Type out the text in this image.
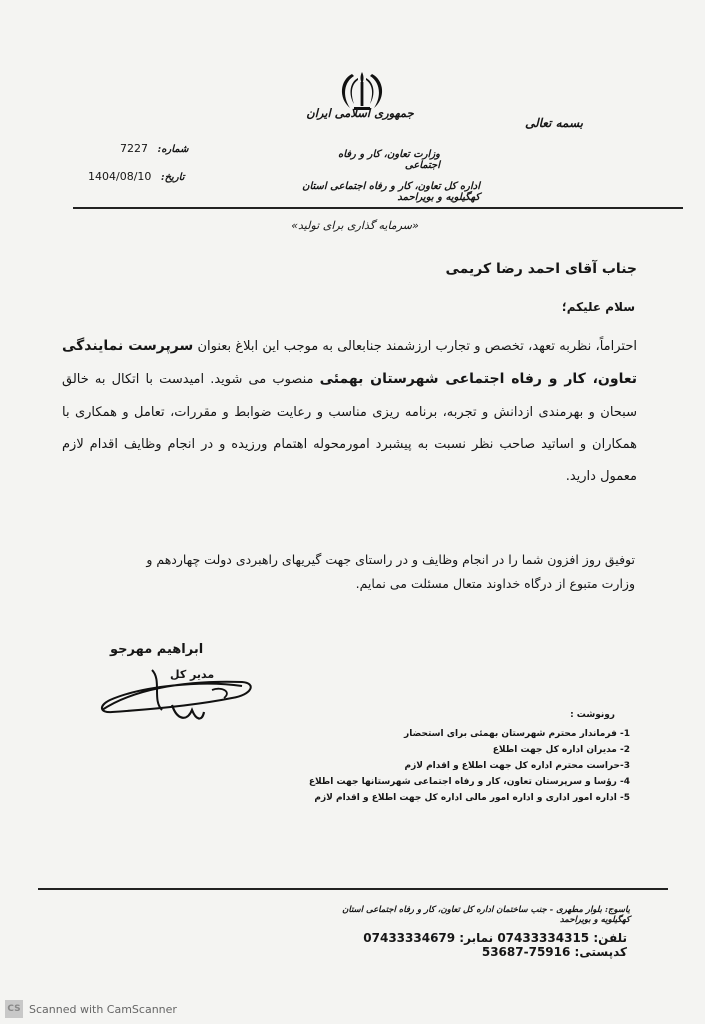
بسمه تعالی
جمهوری اسلامی ایران
وزارت تعاون، کار و رفاه اجتماعی
اداره کل تعاون، کار و رفاه اجتماعی استان کهگیلویه و بویراحمد
7227 شماره:
1404/08/10 تاریخ:
«سرمایه گذاری برای تولید»
جناب آقای احمد رضا کریمی
سلام علیکم؛
احتراماً، نظربه تعهد، تخصص و تجارب ارزشمند جنابعالی به موجب این ابلاغ بعنوان سرپرست نمایندگی تعاون، کار و رفاه اجتماعی شهرستان بهمئی منصوب می شوید. امیدست با اتکال به خالق سبحان و بهرمندی ازدانش و تجربه، برنامه ریزی مناسب و رعایت ضوابط و مقررات، تعامل و همکاری با همکاران و اساتید صاحب نظر نسبت به پیشبرد امورمحوله اهتمام ورزیده و در انجام وظایف اقدام لازم معمول دارید.
توفیق روز افزون شما را در انجام وظایف و در راستای جهت گیریهای راهبردی دولت چهاردهم و
وزارت متبوع از درگاه خداوند متعال مسئلت می نمایم.
ابراهیم مهرجو
مدیر کل
رونوشت :
1- فرماندار محترم شهرستان بهمئی برای استحضار
2- مدیران اداره کل جهت اطلاع
3-حراست محترم اداره کل جهت اطلاع و اقدام لازم
4- رؤسا و سرپرستان تعاون، کار و رفاه اجتماعی شهرستانها جهت اطلاع
5- اداره امور اداری و اداره امور مالی اداره کل جهت اطلاع و اقدام لازم
یاسوج: بلوار مطهری - جنب ساختمان اداره کل تعاون، کار و رفاه اجتماعی استان کهگیلویه و بویراحمد
تلفن: 07433334315 نمابر: 07433334679 کدپستی: 75916-53687
CS Scanned with CamScanner
